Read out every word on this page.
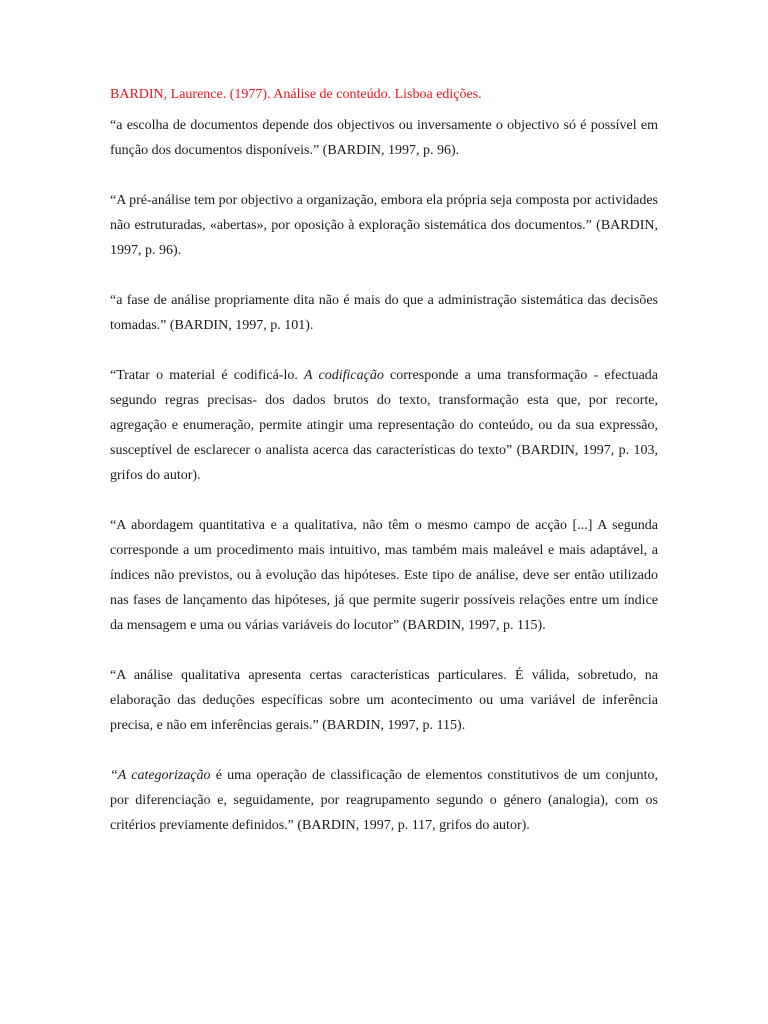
BARDIN, Laurence. (1977). Análise de conteúdo. Lisboa edições.

“a escolha de documentos depende dos objectivos ou inversamente o objectivo só é possível em função dos documentos disponíveis.” (BARDIN, 1997, p. 96).

“A pré-análise tem por objectivo a organização, embora ela própria seja composta por actividades não estruturadas, «abertas», por oposição à exploração sistemática dos documentos.” (BARDIN, 1997, p. 96).

“a fase de análise propriamente dita não é mais do que a administração sistemática das decisões tomadas.” (BARDIN, 1997, p. 101).

“Tratar o material é codificá-lo. A codificação corresponde a uma transformação - efectuada segundo regras precisas- dos dados brutos do texto, transformação esta que, por recorte, agregação e enumeração, permite atingir uma representação do conteúdo, ou da sua expressão, susceptível de esclarecer o analista acerca das características do texto” (BARDIN, 1997, p. 103, grifos do autor).

“A abordagem quantitativa e a qualitativa, não têm o mesmo campo de acção [...] A segunda corresponde a um procedimento mais intuitivo, mas também mais maleável e mais adaptável, a índices não previstos, ou à evolução das hipóteses. Este tipo de análise, deve ser então utilizado nas fases de lançamento das hipóteses, já que permite sugerir possíveis relações entre um índice da mensagem e uma ou várias variáveis do locutor” (BARDIN, 1997, p. 115).

“A análise qualitativa apresenta certas características particulares. É válida, sobretudo, na elaboração das deduções específicas sobre um acontecimento ou uma variável de inferência precisa, e não em inferências gerais.” (BARDIN, 1997, p. 115).

“A categorização é uma operação de classificação de elementos constitutivos de um conjunto, por diferenciação e, seguidamente, por reagrupamento segundo o género (analogia), com os critérios previamente definidos.” (BARDIN, 1997, p. 117, grifos do autor).
